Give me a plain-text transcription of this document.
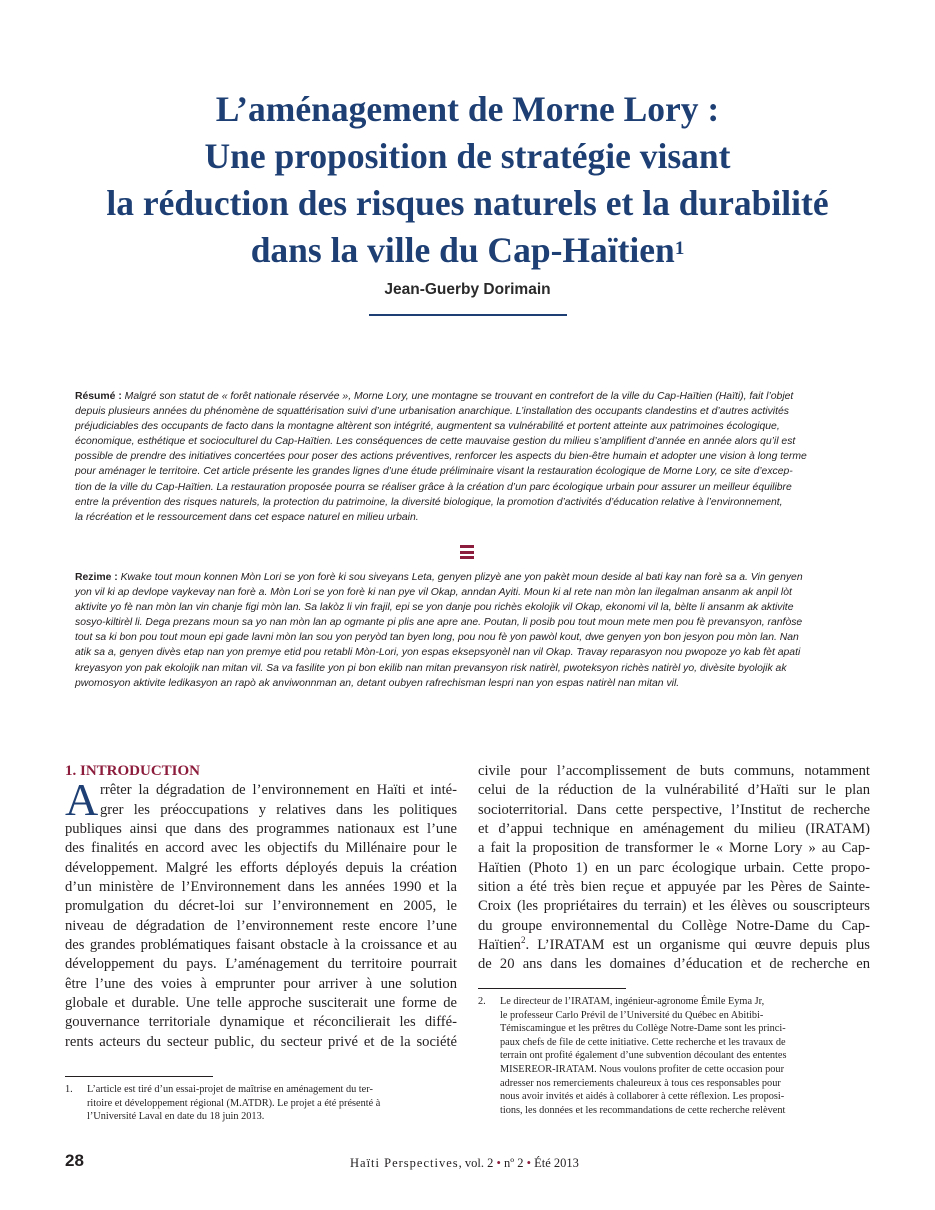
L’aménagement de Morne Lory :
Une proposition de stratégie visant
la réduction des risques naturels et la durabilité
dans la ville du Cap-Haïtien$^1$
Jean-Guerby Dorimain
Résumé : Malgré son statut de « forêt nationale réservée », Morne Lory, une montagne se trouvant en contrefort de la ville du Cap-Haïtien (Haïti), fait l’objet
depuis plusieurs années du phénomène de squattérisation suivi d’une urbanisation anarchique. L’installation des occupants clandestins et d’autres activités
préjudiciables des occupants de facto dans la montagne altèrent son intégrité, augmentent sa vulnérabilité et portent atteinte aux patrimoines écologique,
économique, esthétique et socioculturel du Cap-Haïtien. Les conséquences de cette mauvaise gestion du milieu s’amplifient d’année en année alors qu’il est
possible de prendre des initiatives concertées pour poser des actions préventives, renforcer les aspects du bien-être humain et adopter une vision à long terme
pour aménager le territoire. Cet article présente les grandes lignes d’une étude préliminaire visant la restauration écologique de Morne Lory, ce site d’excep-
tion de la ville du Cap-Haïtien. La restauration proposée pourra se réaliser grâce à la création d’un parc écologique urbain pour assurer un meilleur équilibre
entre la prévention des risques naturels, la protection du patrimoine, la diversité biologique, la promotion d’activités d’éducation relative à l’environnement,
la récréation et le ressourcement dans cet espace naturel en milieu urbain.
Rezime : Kwake tout moun konnen Mòn Lori se yon forè ki sou siveyans Leta, genyen plizyè ane yon pakèt moun deside al bati kay nan forè sa a. Vin genyen
yon vil ki ap devlope vaykevay nan forè a. Mòn Lori se yon forè ki nan pye vil Okap, anndan Ayiti. Moun ki al rete nan mòn lan ilegalman ansanm ak anpil lòt
aktivite yo fè nan mòn lan vin chanje figi mòn lan. Sa lakòz li vin frajil, epi se yon danje pou richès ekolojik vil Okap, ekonomi vil la, bèlte li ansanm ak aktivite
sosyo-kiltirèl li. Dega prezans moun sa yo nan mòn lan ap ogmante pi plis ane apre ane. Poutan, li posib pou tout moun mete men pou fè prevansyon, ranfòse
tout sa ki bon pou tout moun epi gade lavni mòn lan sou yon peryòd tan byen long, pou nou fè yon pawòl kout, dwe genyen yon bon jesyon pou mòn lan. Nan
atik sa a, genyen divès etap nan yon premye etid pou retabli Mòn-Lori, yon espas eksepsyonèl nan vil Okap. Travay reparasyon nou pwopoze yo kab fèt apati
kreyasyon yon pak ekolojik nan mitan vil. Sa va fasilite yon pi bon ekilib nan mitan prevansyon risk natirèl, pwoteksyon richès natirèl yo, divèsite byolojik ak
pwomosyon aktivite ledikasyon an rapò ak anviwonnman an, detant oubyen rafrechisman lespri nan yon espas natirèl nan mitan vil.
1. INTRODUCTION
A rrêter la dégradation de l’environnement en Haïti et inté-
grer les préoccupations y relatives dans les politiques
publiques ainsi que dans des programmes nationaux est l’une
des finalités en accord avec les objectifs du Millénaire pour le
développement. Malgré les efforts déployés depuis la création
d’un ministère de l’Environnement dans les années 1990 et la
promulgation du décret-loi sur l’environnement en 2005, le
niveau de dégradation de l’environnement reste encore l’une
des grandes problématiques faisant obstacle à la croissance et au
développement du pays. L’aménagement du territoire pourrait
être l’une des voies à emprunter pour arriver à une solution
globale et durable. Une telle approche susciterait une forme de
gouvernance territoriale dynamique et réconcilierait les diffé-
rents acteurs du secteur public, du secteur privé et de la société
civile pour l’accomplissement de buts communs, notamment
celui de la réduction de la vulnérabilité d’Haïti sur le plan
socioterritorial. Dans cette perspective, l’Institut de recherche
et d’appui technique en aménagement du milieu (IRATAM)
a fait la proposition de transformer le « Morne Lory » au Cap-
Haïtien (Photo 1) en un parc écologique urbain. Cette propo-
sition a été très bien reçue et appuyée par les Pères de Sainte-
Croix (les propriétaires du terrain) et les élèves ou souscripteurs
du groupe environnemental du Collège Notre-Dame du Cap-
Haïtien$^2$. L’IRATAM est un organisme qui œuvre depuis plus
de 20 ans dans les domaines d’éducation et de recherche en
2. Le directeur de l’IRATAM, ingénieur-agronome Émile Eyma Jr,
le professeur Carlo Prévil de l’Université du Québec en Abitibi-
Témiscamingue et les prêtres du Collège Notre-Dame sont les princi-
paux chefs de file de cette initiative. Cette recherche et les travaux de
terrain ont profité également d’une subvention découlant des ententes
MISEREOR-IRATAM. Nous voulons profiter de cette occasion pour
adresser nos remerciements chaleureux à tous ces responsables pour
nous avoir invités et aidés à collaborer à cette réflexion. Les proposi-
tions, les données et les recommandations de cette recherche relèvent
1. L’article est tiré d’un essai-projet de maîtrise en aménagement du ter-
ritoire et développement régional (M.ATDR). Le projet a été présenté à
l’Université Laval en date du 18 juin 2013.
28	Haïti Perspectives, vol. 2 • nº 2 • Été 2013
